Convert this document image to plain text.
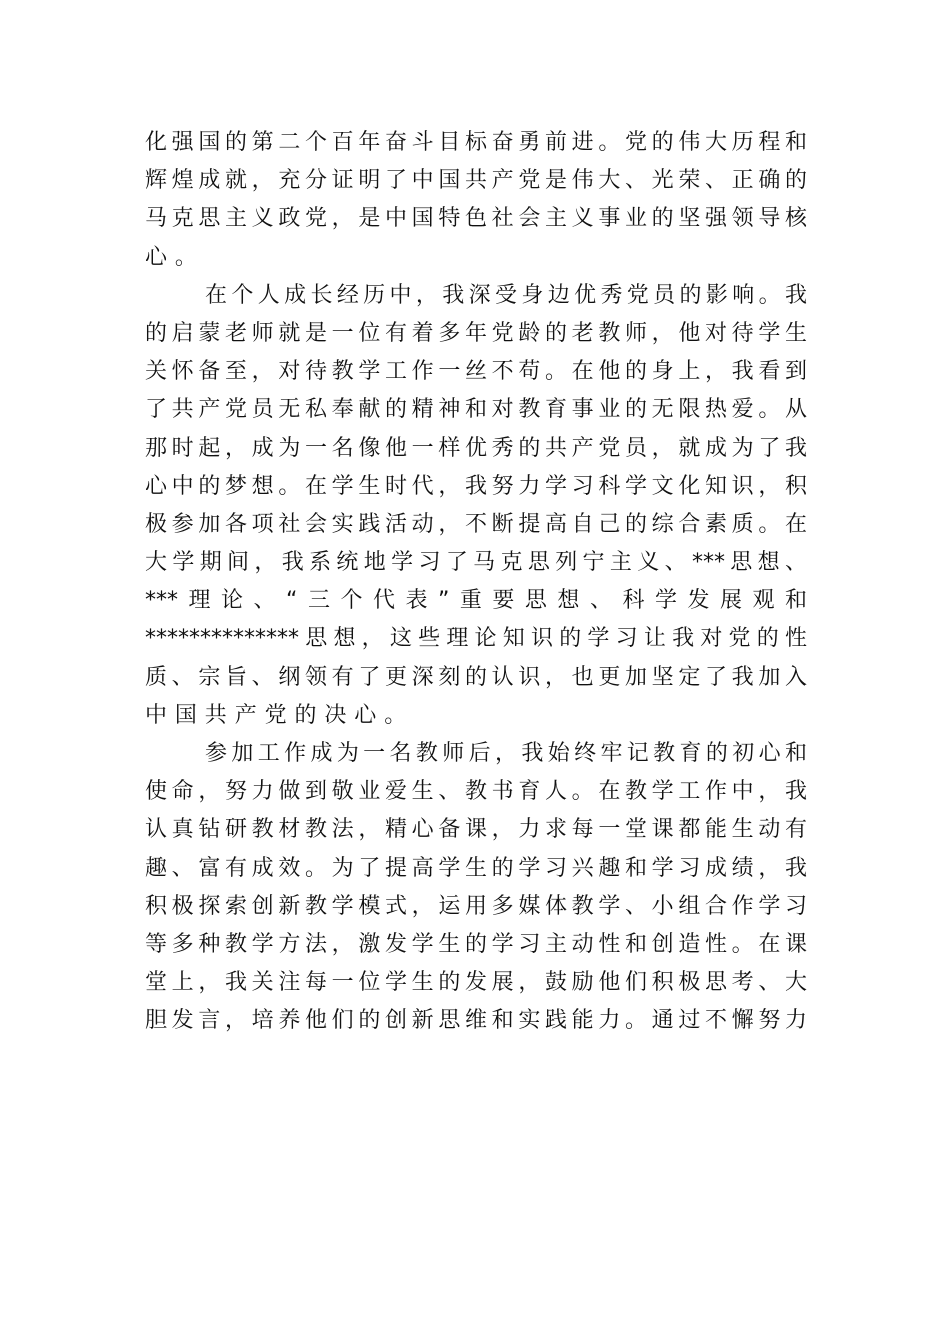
化​强​国​的​第​二​个​百​年​奋​斗​目​标​奋​勇​前​进​。​党​的​伟​大​历​程​和
辉​煌​成​就​，​充​分​证​明​了​中​国​共​产​党​是​伟​大​、​光​荣​、​正​确​的
马​克​思​主​义​政​党​，​是​中​国​特​色​社​会​主​义​事​业​的​坚​强​领​导​核
心。
在​个​人​成​长​经​历​中​，​我​深​受​身​边​优​秀​党​员​的​影​响​。​我
的​启​蒙​老​师​就​是​一​位​有​着​多​年​党​龄​的​老​教​师​，​他​对​待​学​生
关​怀​备​至​，​对​待​教​学​工​作​一​丝​不​苟​。​在​他​的​身​上​，​我​看​到
了​共​产​党​员​无​私​奉​献​的​精​神​和​对​教​育​事​业​的​无​限​热​爱​。​从
那​时​起​，​成​为​一​名​像​他​一​样​优​秀​的​共​产​党​员​，​就​成​为​了​我
心​中​的​梦​想​。​在​学​生​时​代​，​我​努​力​学​习​科​学​文​化​知​识​，​积
极​参​加​各​项​社​会​实​践​活​动​，​不​断​提​高​自​己​的​综​合​素​质​。​在
大​学​期​间​，​我​系​统​地​学​习​了​马​克​思​列​宁​主​义​、​*​*​*​思​想​、
*​*​*​理​论​、​“​三​个​代​表​”​重​要​思​想​、​科​学​发​展​观​和
*​*​*​*​*​*​*​*​*​*​*​*​*​*​思​想​，​这​些​理​论​知​识​的​学​习​让​我​对​党​的​性
质​、​宗​旨​、​纲​领​有​了​更​深​刻​的​认​识​，​也​更​加​坚​定​了​我​加​入
中国共产党的决心。
参​加​工​作​成​为​一​名​教​师​后​，​我​始​终​牢​记​教​育​的​初​心​和
使​命​，​努​力​做​到​敬​业​爱​生​、​教​书​育​人​。​在​教​学​工​作​中​，​我
认​真​钻​研​教​材​教​法​，​精​心​备​课​，​力​求​每​一​堂​课​都​能​生​动​有
趣​、​富​有​成​效​。​为​了​提​高​学​生​的​学​习​兴​趣​和​学​习​成​绩​，​我
积​极​探​索​创​新​教​学​模​式​，​运​用​多​媒​体​教​学​、​小​组​合​作​学​习
等​多​种​教​学​方​法​，​激​发​学​生​的​学​习​主​动​性​和​创​造​性​。​在​课
堂​上​，​我​关​注​每​一​位​学​生​的​发​展​，​鼓​励​他​们​积​极​思​考​、​大
胆​发​言​，​培​养​他​们​的​创​新​思​维​和​实​践​能​力​。​通​过​不​懈​努​力
